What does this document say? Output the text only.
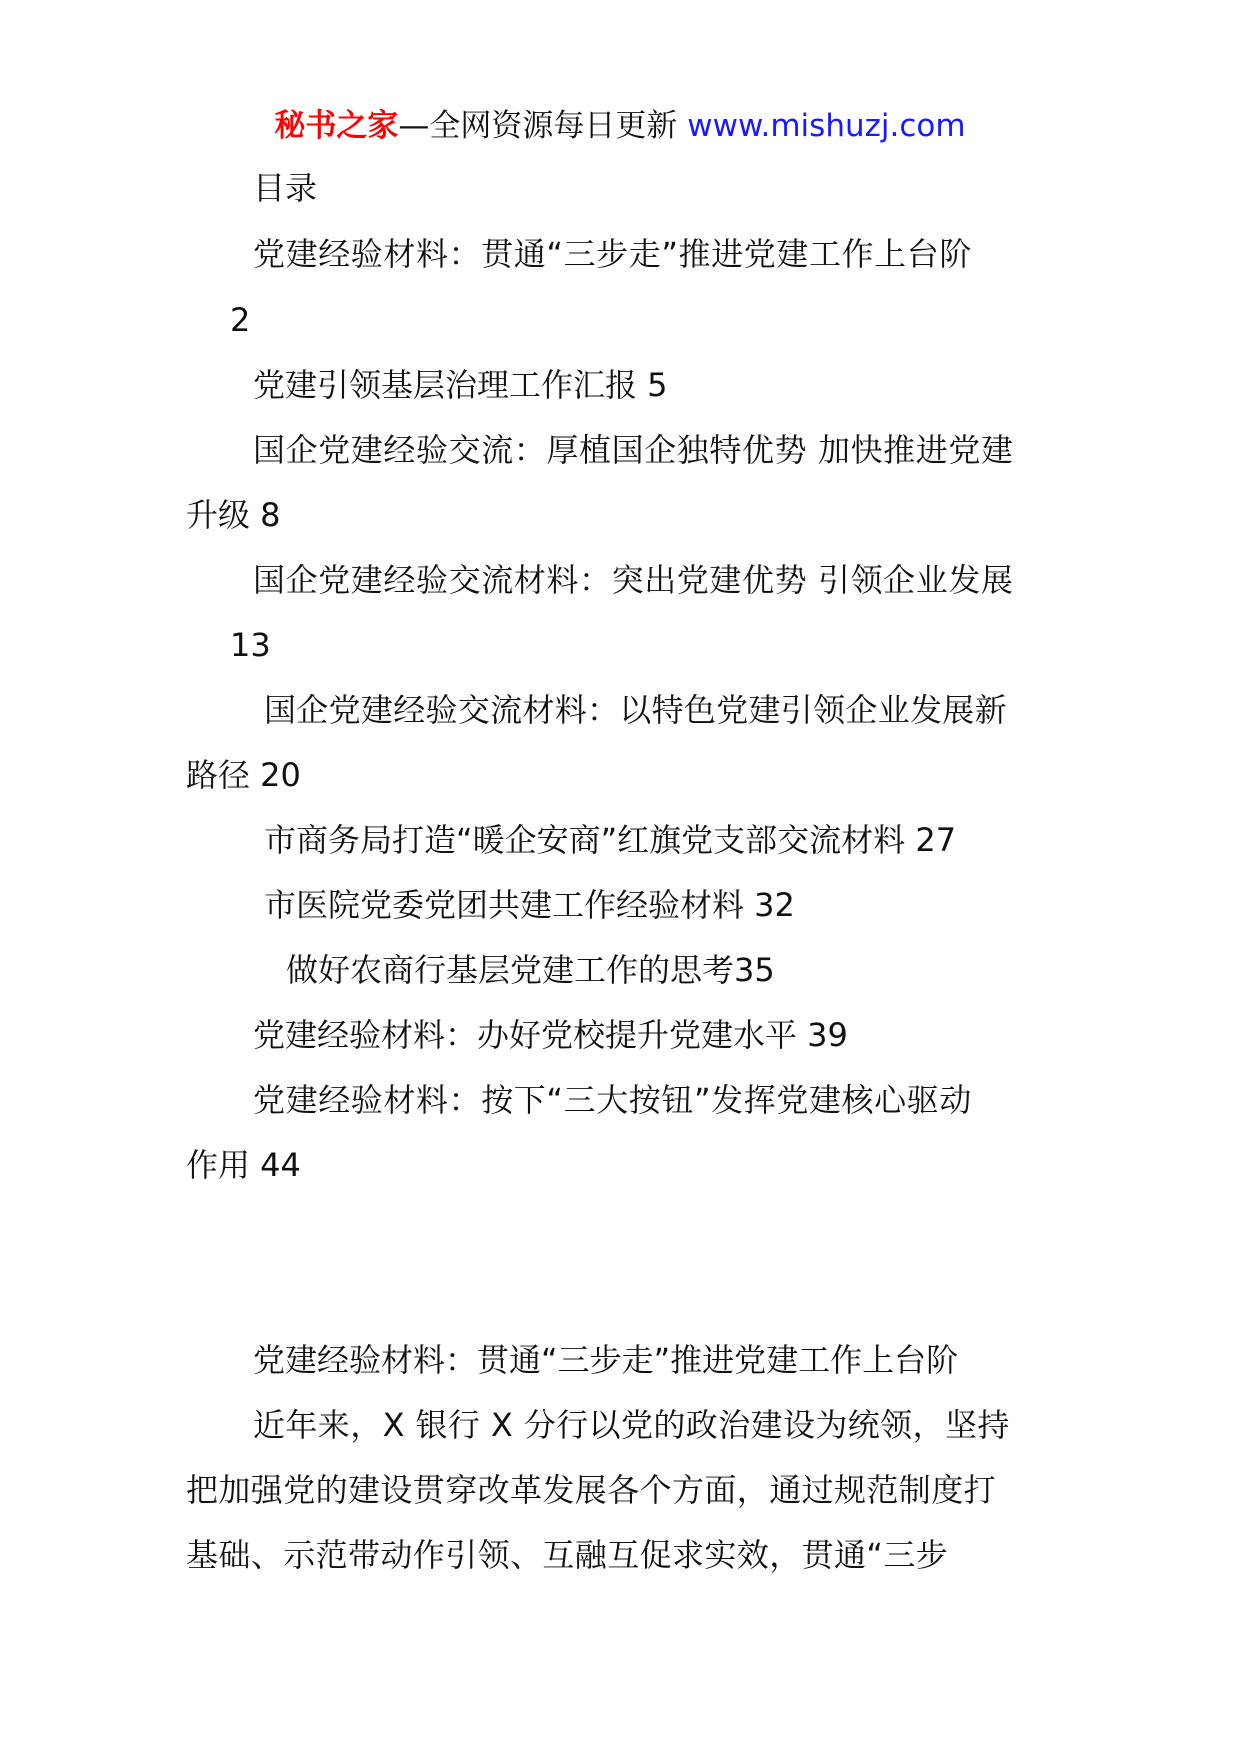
秘书之家—全网资源每日更新 www.mishuzj.com
目录
党建经验材料：贯通“三步走”推进党建工作上台阶
2
党建引领基层治理工作汇报 5
国企党建经验交流：厚植国企独特优势 加快推进党建
升级 8
国企党建经验交流材料：突出党建优势 引领企业发展
13
国企党建经验交流材料：以特色党建引领企业发展新
路径 20
市商务局打造“暖企安商”红旗党支部交流材料 27
市医院党委党团共建工作经验材料 32
做好农商行基层党建工作的思考35
党建经验材料：办好党校提升党建水平 39
党建经验材料：按下“三大按钮”发挥党建核心驱动
作用 44
党建经验材料：贯通“三步走”推进党建工作上台阶
近年来，X 银行 X 分行以党的政治建设为统领，坚持
把加强党的建设贯穿改革发展各个方面，通过规范制度打
基础、示范带动作引领、互融互促求实效，贯通“三步
